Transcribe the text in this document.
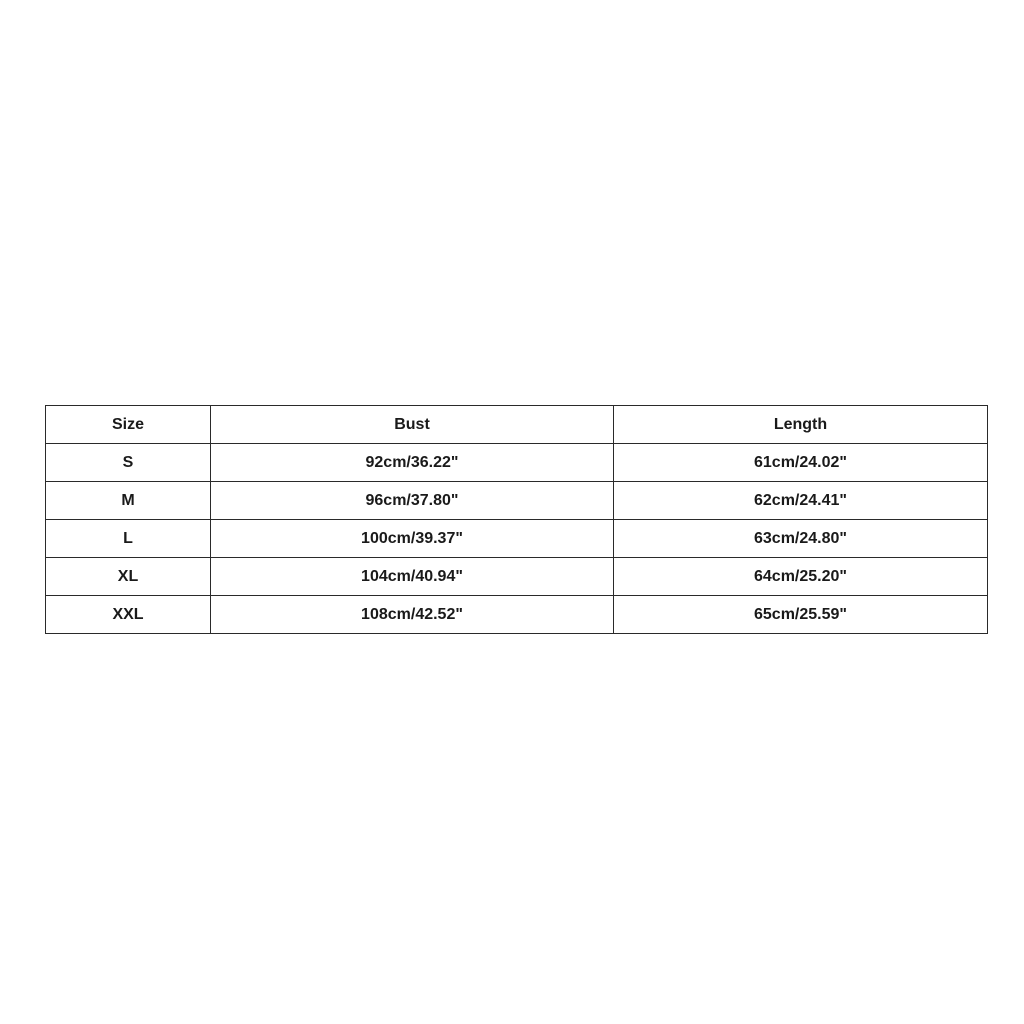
Size	Bust	Length
S	92cm/36.22"	61cm/24.02"
M	96cm/37.80"	62cm/24.41"
L	100cm/39.37"	63cm/24.80"
XL	104cm/40.94"	64cm/25.20"
XXL	108cm/42.52"	65cm/25.59"
